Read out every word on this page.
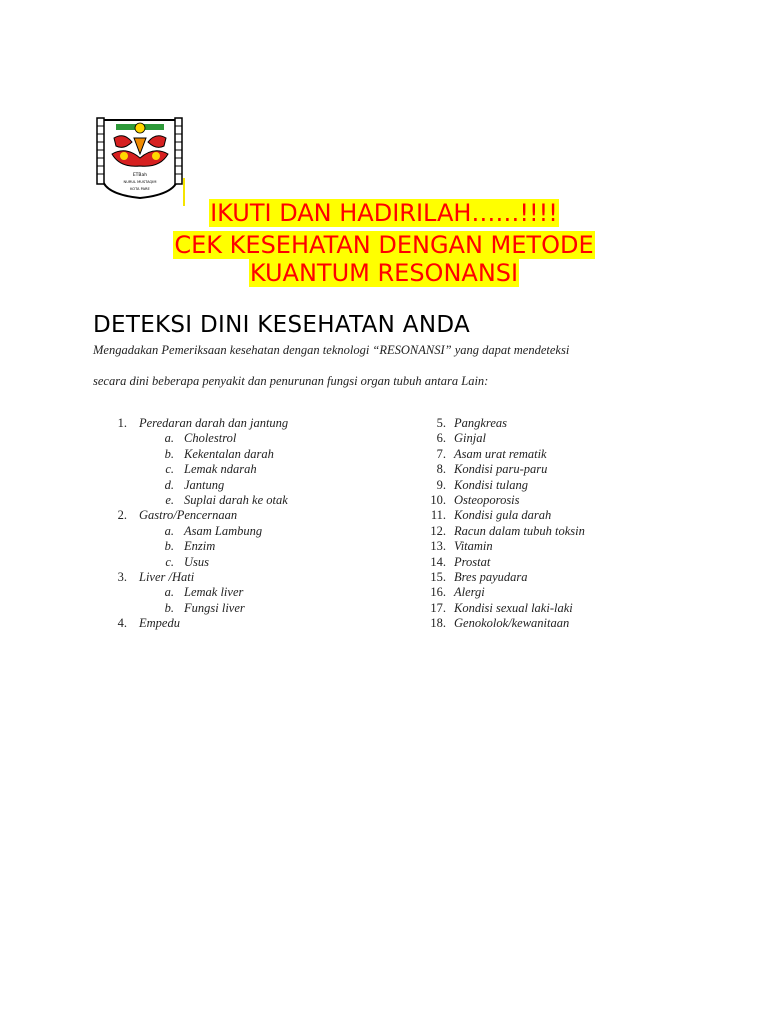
ETBah
NURUL MUSTAQIM
KOTA PARE
IKUTI DAN HADIRILAH……!!!!
CEK KESEHATAN DENGAN METODE
KUANTUM RESONANSI
DETEKSI DINI KESEHATAN ANDA
Mengadakan Pemeriksaan kesehatan dengan teknologi “RESONANSI” yang dapat mendeteksi
secara dini beberapa penyakit dan penurunan fungsi organ tubuh antara Lain:
1. Peredaran darah dan jantung
a. Cholestrol
b. Kekentalan darah
c. Lemak ndarah
d. Jantung
e. Suplai darah ke otak
2. Gastro/Pencernaan
a. Asam Lambung
b. Enzim
c. Usus
3. Liver /Hati
a. Lemak liver
b. Fungsi liver
4. Empedu
5. Pangkreas
6. Ginjal
7. Asam urat rematik
8. Kondisi paru-paru
9. Kondisi tulang
10. Osteoporosis
11. Kondisi gula darah
12. Racun dalam tubuh toksin
13. Vitamin
14. Prostat
15. Bres payudara
16. Alergi
17. Kondisi sexual laki-laki
18. Genokolok/kewanitaan
